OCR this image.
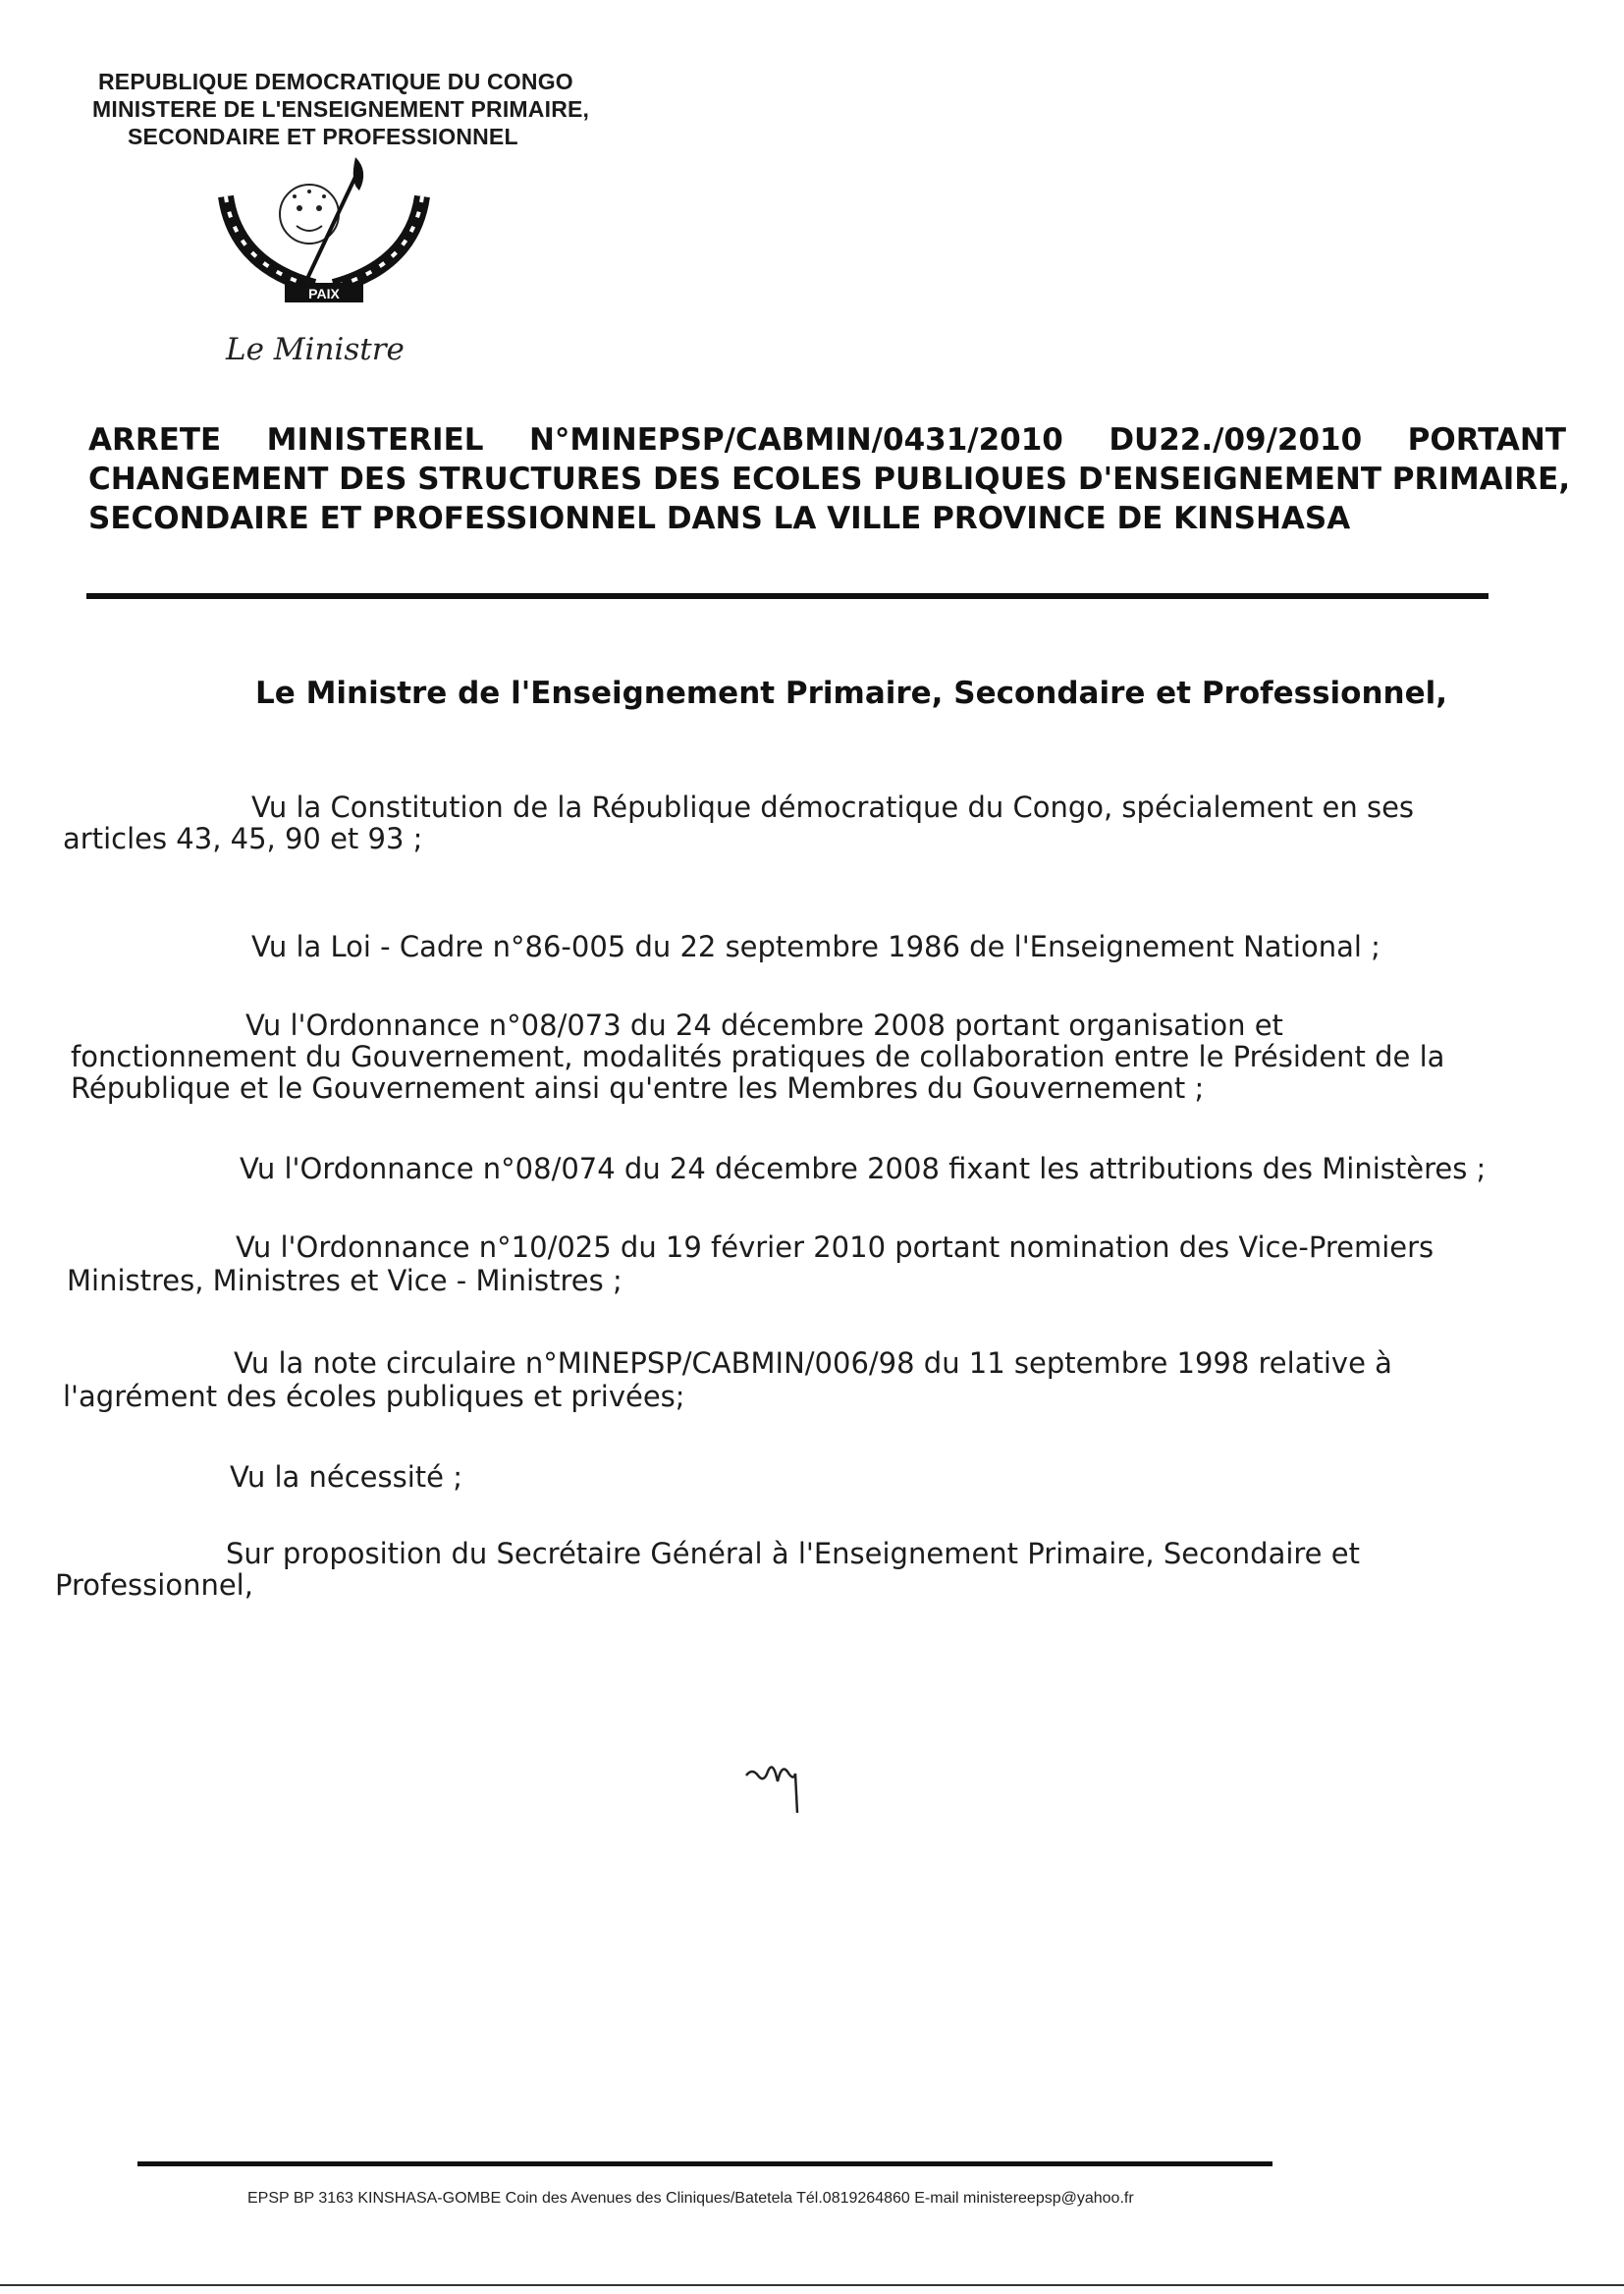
REPUBLIQUE DEMOCRATIQUE DU CONGO
MINISTERE DE L'ENSEIGNEMENT PRIMAIRE,
SECONDAIRE ET PROFESSIONNEL
PAIX
Le Ministre
ARRETE MINISTERIEL N°MINEPSP/CABMIN/0431/2010 DU22./09/2010 PORTANT
CHANGEMENT DES STRUCTURES DES ECOLES PUBLIQUES D'ENSEIGNEMENT PRIMAIRE,
SECONDAIRE ET PROFESSIONNEL DANS LA VILLE PROVINCE DE KINSHASA
Le Ministre de l'Enseignement Primaire, Secondaire et Professionnel,
Vu la Constitution de la République démocratique du Congo, spécialement en ses
articles 43, 45, 90 et 93 ;
Vu la Loi - Cadre n°86-005 du 22 septembre 1986 de l'Enseignement National ;
Vu l'Ordonnance n°08/073 du 24 décembre 2008 portant organisation et
fonctionnement du Gouvernement, modalités pratiques de collaboration entre le Président de la
République et le Gouvernement ainsi qu'entre les Membres du Gouvernement ;
Vu l'Ordonnance n°08/074 du 24 décembre 2008 fixant les attributions des Ministères ;
Vu l'Ordonnance n°10/025 du 19 février 2010 portant nomination des Vice-Premiers
Ministres, Ministres et Vice - Ministres ;
Vu la note circulaire n°MINEPSP/CABMIN/006/98 du 11 septembre 1998 relative à
l'agrément des écoles publiques et privées;
Vu la nécessité ;
Sur proposition du Secrétaire Général à l'Enseignement Primaire, Secondaire et
Professionnel,
EPSP BP 3163 KINSHASA-GOMBE Coin des Avenues des Cliniques/Batetela Tél.0819264860 E-mail ministereepsp@yahoo.fr
